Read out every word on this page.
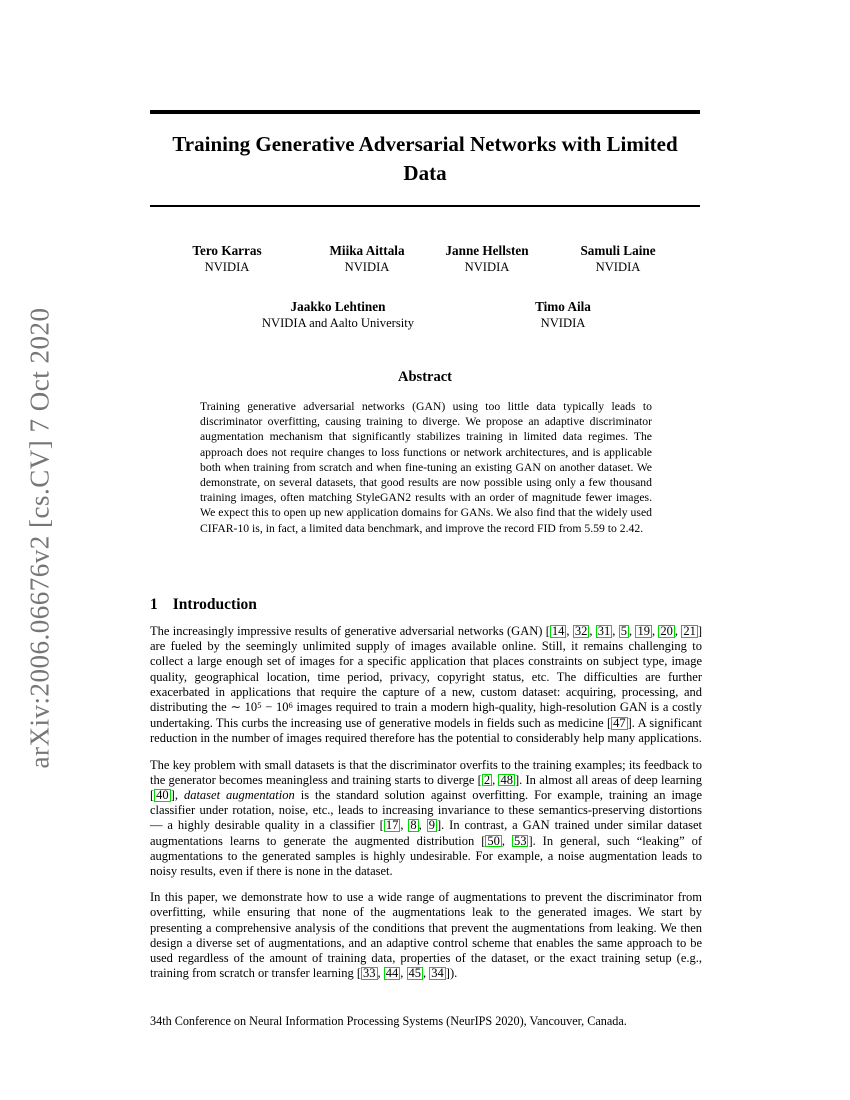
arXiv:2006.06676v2 [cs.CV] 7 Oct 2020
Training Generative Adversarial Networks with Limited Data
Tero Karras
NVIDIA
Miika Aittala
NVIDIA
Janne Hellsten
NVIDIA
Samuli Laine
NVIDIA
Jaakko Lehtinen
NVIDIA and Aalto University
Timo Aila
NVIDIA
Abstract
Training generative adversarial networks (GAN) using too little data typically leads to discriminator overfitting, causing training to diverge. We propose an adaptive discriminator augmentation mechanism that significantly stabilizes training in limited data regimes. The approach does not require changes to loss functions or network architectures, and is applicable both when training from scratch and when fine-tuning an existing GAN on another dataset. We demonstrate, on several datasets, that good results are now possible using only a few thousand training images, often matching StyleGAN2 results with an order of magnitude fewer images. We expect this to open up new application domains for GANs. We also find that the widely used CIFAR-10 is, in fact, a limited data benchmark, and improve the record FID from 5.59 to 2.42.
1 Introduction

The increasingly impressive results of generative adversarial networks (GAN) [ 14 , 32 , 31 , 5 , 19 , 20 , 21 ] are fueled by the seemingly unlimited supply of images available online. Still, it remains challenging to collect a large enough set of images for a specific application that places constraints on subject type, image quality, geographical location, time period, privacy, copyright status, etc. The difficulties are further exacerbated in applications that require the capture of a new, custom dataset: acquiring, processing, and distributing the ∼ $10^5 - 10^6$ images required to train a modern high-quality, high-resolution GAN is a costly undertaking. This curbs the increasing use of generative models in fields such as medicine [ 47 ]. A significant reduction in the number of images required therefore has the potential to considerably help many applications.

The key problem with small datasets is that the discriminator overfits to the training examples; its feedback to the generator becomes meaningless and training starts to diverge [ 2 , 48 ]. In almost all areas of deep learning [ 40 ], dataset augmentation is the standard solution against overfitting. For example, training an image classifier under rotation, noise, etc., leads to increasing invariance to these semantics-preserving distortions — a highly desirable quality in a classifier [ 17 , 8 , 9 ]. In contrast, a GAN trained under similar dataset augmentations learns to generate the augmented distribution [ 50 , 53 ]. In general, such “leaking” of augmentations to the generated samples is highly undesirable. For example, a noise augmentation leads to noisy results, even if there is none in the dataset.

In this paper, we demonstrate how to use a wide range of augmentations to prevent the discriminator from overfitting, while ensuring that none of the augmentations leak to the generated images. We start by presenting a comprehensive analysis of the conditions that prevent the augmentations from leaking. We then design a diverse set of augmentations, and an adaptive control scheme that enables the same approach to be used regardless of the amount of training data, properties of the dataset, or the exact training setup (e.g., training from scratch or transfer learning [ 33 , 44 , 45 , 34 ]).

34th Conference on Neural Information Processing Systems (NeurIPS 2020), Vancouver, Canada.
